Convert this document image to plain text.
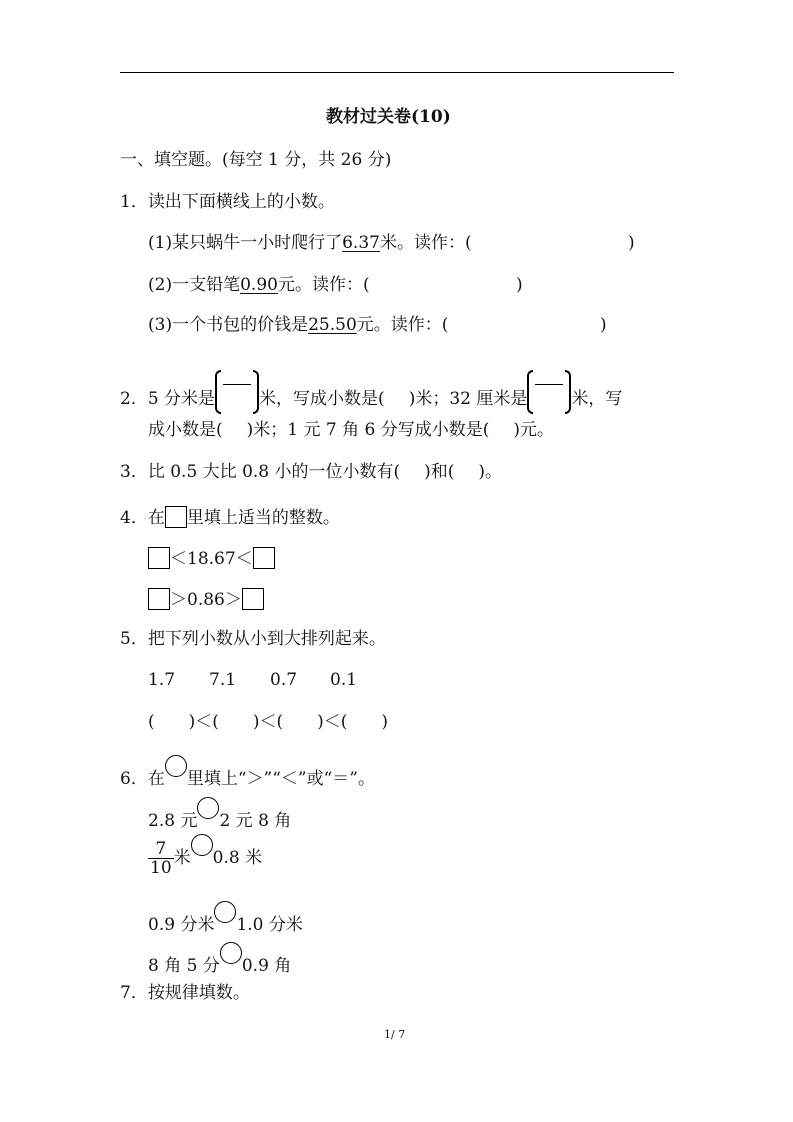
教材过关卷(10)
一、填空题。(每空 1 分，共 26 分)
1．读出下面横线上的小数。
(1)某只蜗牛一小时爬行了6.37米。读作：(	)
(2)一支铅笔0.90元。读作：(	)
(3)一个书包的价钱是25.50元。读作：(	)
2．5 分米是	米，写成小数是( )米；32 厘米是	米，写
成小数是( )米；1 元 7 角 6 分写成小数是( )元。
3．比 0.5 大比 0.8 小的一位小数有( )和( )。
4．在 里填上适当的整数。
＜18.67＜
＞0.86＞
5．把下列小数从小到大排列起来。
1.7 7.1 0.7 0.1
(　　)＜(　　)＜(　　)＜(　　)
6．在 里填上“＞”“＜”或“＝”。
2.8 元 2 元 8 角
$\frac{7}{10}$ 米 0.8 米
0.9 分米 1.0 分米
8 角 5 分 0.9 角
7．按规律填数。
1/ 7
